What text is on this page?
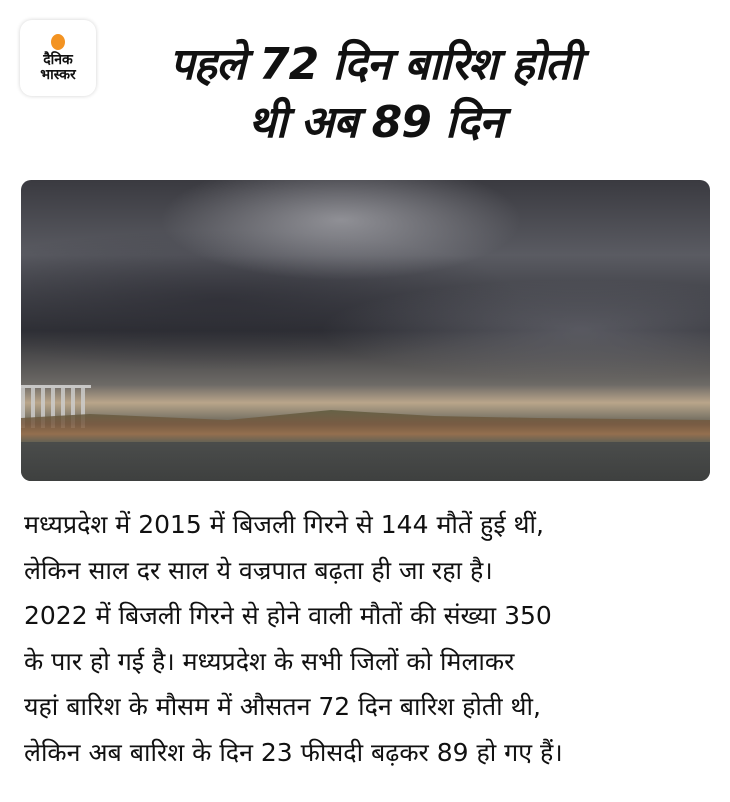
दैनिक
भास्कर	पहले 72 दिन बारिश होती
थी अब 89 दिन
मध्यप्रदेश में 2015 में बिजली गिरने से 144 मौतें हुई थीं,
लेकिन साल दर साल ये वज्रपात बढ़ता ही जा रहा है।
2022 में बिजली गिरने से होने वाली मौतों की संख्या 350
के पार हो गई है। मध्यप्रदेश के सभी जिलों को मिलाकर
यहां बारिश के मौसम में औसतन 72 दिन बारिश होती थी,
लेकिन अब बारिश के दिन 23 फीसदी बढ़कर 89 हो गए हैं।
